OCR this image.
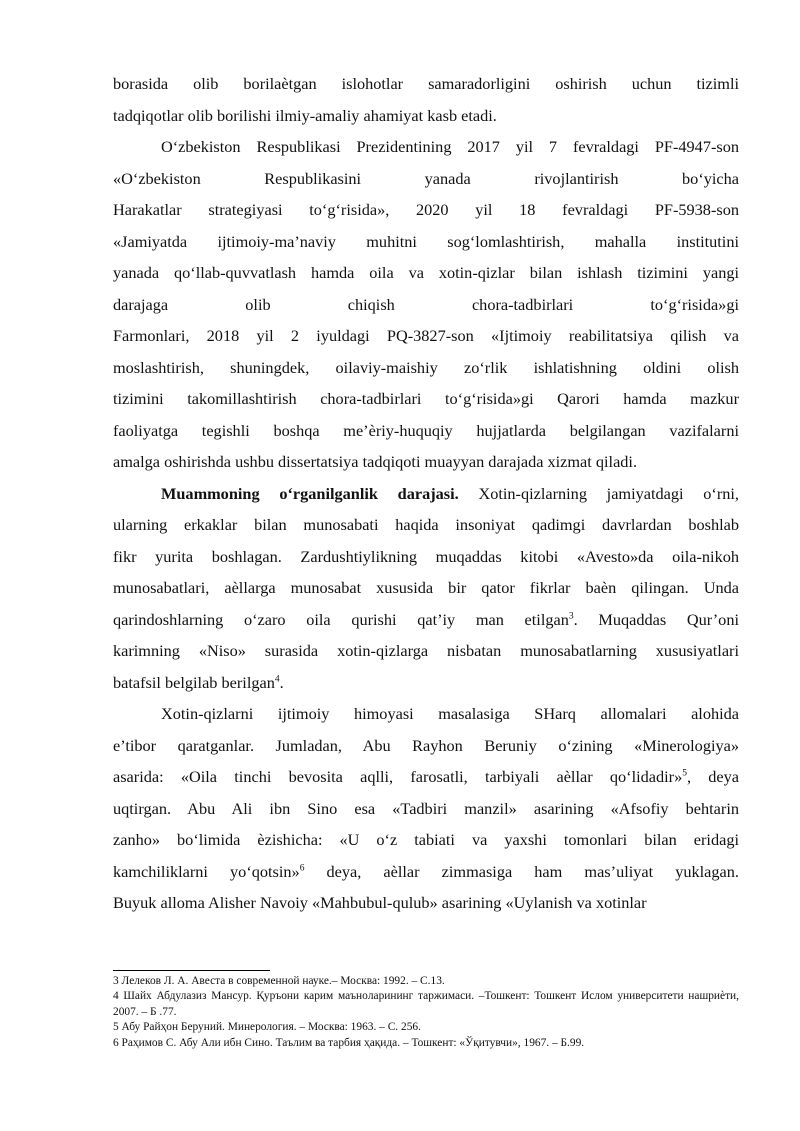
borasida olib borilaètgan islohotlar samaradorligini oshirish uchun tizimli
tadqiqotlar olib borilishi ilmiy-amaliy ahamiyat kasb etadi.
O‘zbekiston Respublikasi Prezidentining 2017 yil 7 fevraldagi PF-4947-son
«O‘zbekiston Respublikasini yanada rivojlantirish bo‘yicha
Harakatlar strategiyasi to‘g‘risida», 2020 yil 18 fevraldagi PF-5938-son
«Jamiyatda ijtimoiy-ma’naviy muhitni sog‘lomlashtirish, mahalla institutini
yanada qo‘llab-quvvatlash hamda oila va xotin-qizlar bilan ishlash tizimini yangi
darajaga olib chiqish chora-tadbirlari to‘g‘risida»gi
Farmonlari, 2018 yil 2 iyuldagi PQ-3827-son «Ijtimoiy reabilitatsiya qilish va
moslashtirish, shuningdek, oilaviy-maishiy zo‘rlik ishlatishning oldini olish
tizimini takomillashtirish chora-tadbirlari to‘g‘risida»gi Qarori hamda mazkur
faoliyatga tegishli boshqa me’èriy-huquqiy hujjatlarda belgilangan vazifalarni
amalga oshirishda ushbu dissertatsiya tadqiqoti muayyan darajada xizmat qiladi.
Muammoning o‘rganilganlik darajasi. Xotin-qizlarning jamiyatdagi o‘rni,
ularning erkaklar bilan munosabati haqida insoniyat qadimgi davrlardan boshlab
fikr yurita boshlagan. Zardushtiylikning muqaddas kitobi «Avesto»da oila-nikoh
munosabatlari, aèllarga munosabat xususida bir qator fikrlar baèn qilingan. Unda
qarindoshlarning o‘zaro oila qurishi qat’iy man etilgan$^3$. Muqaddas Qur’oni
karimning «Niso» surasida xotin-qizlarga nisbatan munosabatlarning xususiyatlari
batafsil belgilab berilgan$^4$.
Xotin-qizlarni ijtimoiy himoyasi masalasiga SHarq allomalari alohida
e’tibor qaratganlar. Jumladan, Abu Rayhon Beruniy o‘zining «Minerologiya»
asarida: «Oila tinchi bevosita aqlli, farosatli, tarbiyali aèllar qo‘lidadir»$^5$, deya
uqtirgan. Abu Ali ibn Sino esa «Tadbiri manzil» asarining «Afsofiy behtarin
zanho» bo‘limida èzishicha: «U o‘z tabiati va yaxshi tomonlari bilan eridagi
kamchiliklarni yo‘qotsin»$^6$ deya, aèllar zimmasiga ham mas’uliyat yuklagan.
Buyuk alloma Alisher Navoiy «Mahbubul-qulub» asarining «Uylanish va xotinlar
3 Лелеков Л. А. Авеста в современной науке.– Москва: 1992. – С.13.
4 Шайх Абдулазиз Мансур. Қуръони карим маънoларининг таржимаси. –Тошкент: Тошкент Ислом университети нашриѐти, 2007. – Б .77.
5 Абу Райҳон Беруний. Минерология. – Москва: 1963. – С. 256.
6 Раҳимов С. Абу Али ибн Сино. Таълим ва тарбия ҳақида. – Тошкент: «Ўқитувчи», 1967. – Б.99.
